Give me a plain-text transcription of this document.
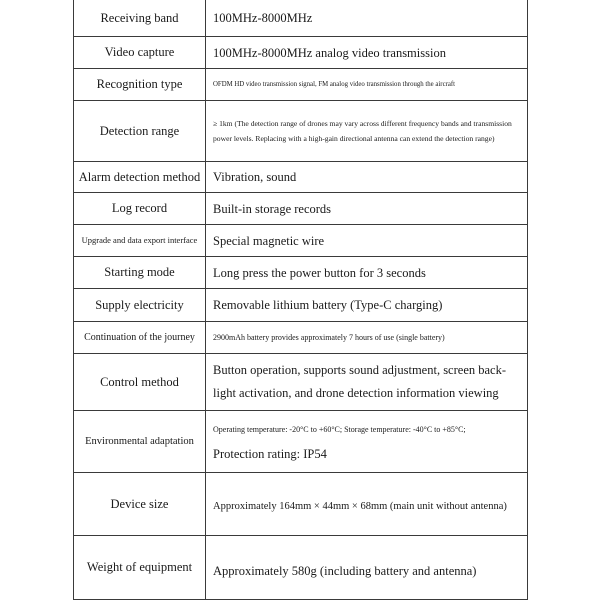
Receiving band	100MHz-8000MHz
Video capture	100MHz-8000MHz analog video transmission
Recognition type	OFDM HD video transmission signal, FM analog video transmission through the aircraft
Detection range	≥ 1km (The detection range of drones may vary across different frequency bands and transmission power levels. Replacing with a high-gain directional antenna can extend the detection range)
Alarm detection method	Vibration, sound
Log record	Built-in storage records
Upgrade and data export interface	Special magnetic wire
Starting mode	Long press the power button for 3 seconds
Supply electricity	Removable lithium battery (Type-C charging)
Continuation of the journey	2900mAh battery provides approximately 7 hours of use (single battery)
Control method	Button operation, supports sound adjustment, screen back-light activation, and drone detection information viewing
Environmental adaptation	Operating temperature: -20°C to +60°C; Storage temperature: -40°C to +85°C;
Protection rating: IP54

Device size	Approximately 164mm × 44mm × 68mm (main unit without antenna)

Weight of equipment	Approximately 580g (including battery and antenna)
